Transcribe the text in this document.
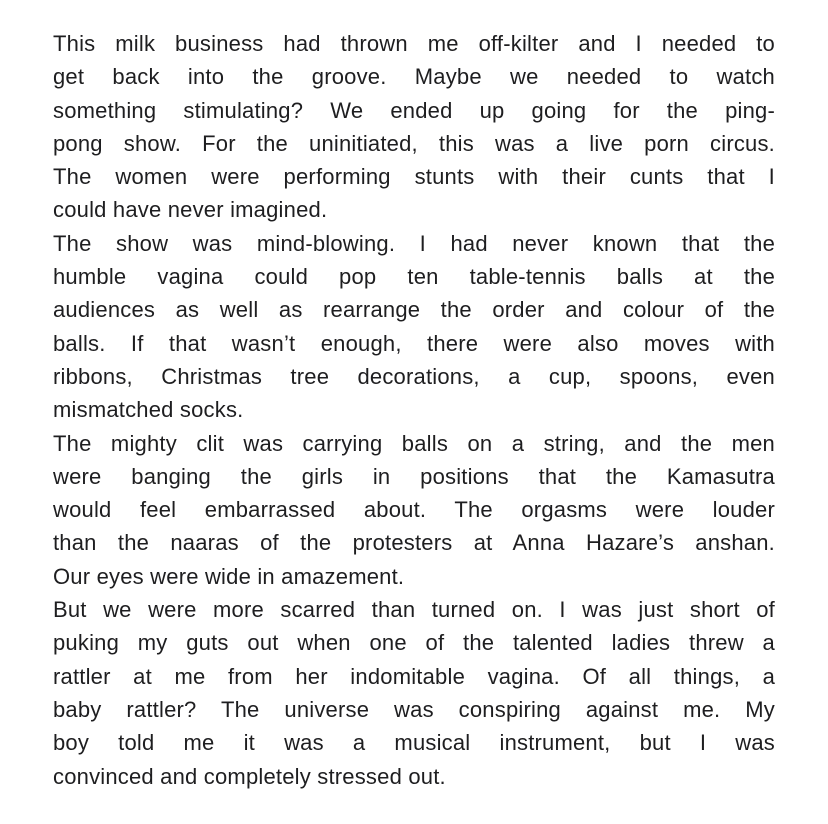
This milk business had thrown me off-kilter and I needed to
get back into the groove. Maybe we needed to watch
something stimulating? We ended up going for the ping-
pong show. For the uninitiated, this was a live porn circus.
The women were performing stunts with their cunts that I
could have never imagined.
The show was mind-blowing. I had never known that the
humble vagina could pop ten table-tennis balls at the
audiences as well as rearrange the order and colour of the
balls. If that wasn’t enough, there were also moves with
ribbons, Christmas tree decorations, a cup, spoons, even
mismatched socks.
The mighty clit was carrying balls on a string, and the men
were banging the girls in positions that the Kamasutra
would feel embarrassed about. The orgasms were louder
than the naaras of the protesters at Anna Hazare’s anshan.
Our eyes were wide in amazement.
But we were more scarred than turned on. I was just short of
puking my guts out when one of the talented ladies threw a
rattler at me from her indomitable vagina. Of all things, a
baby rattler? The universe was conspiring against me. My
boy told me it was a musical instrument, but I was
convinced and completely stressed out.
